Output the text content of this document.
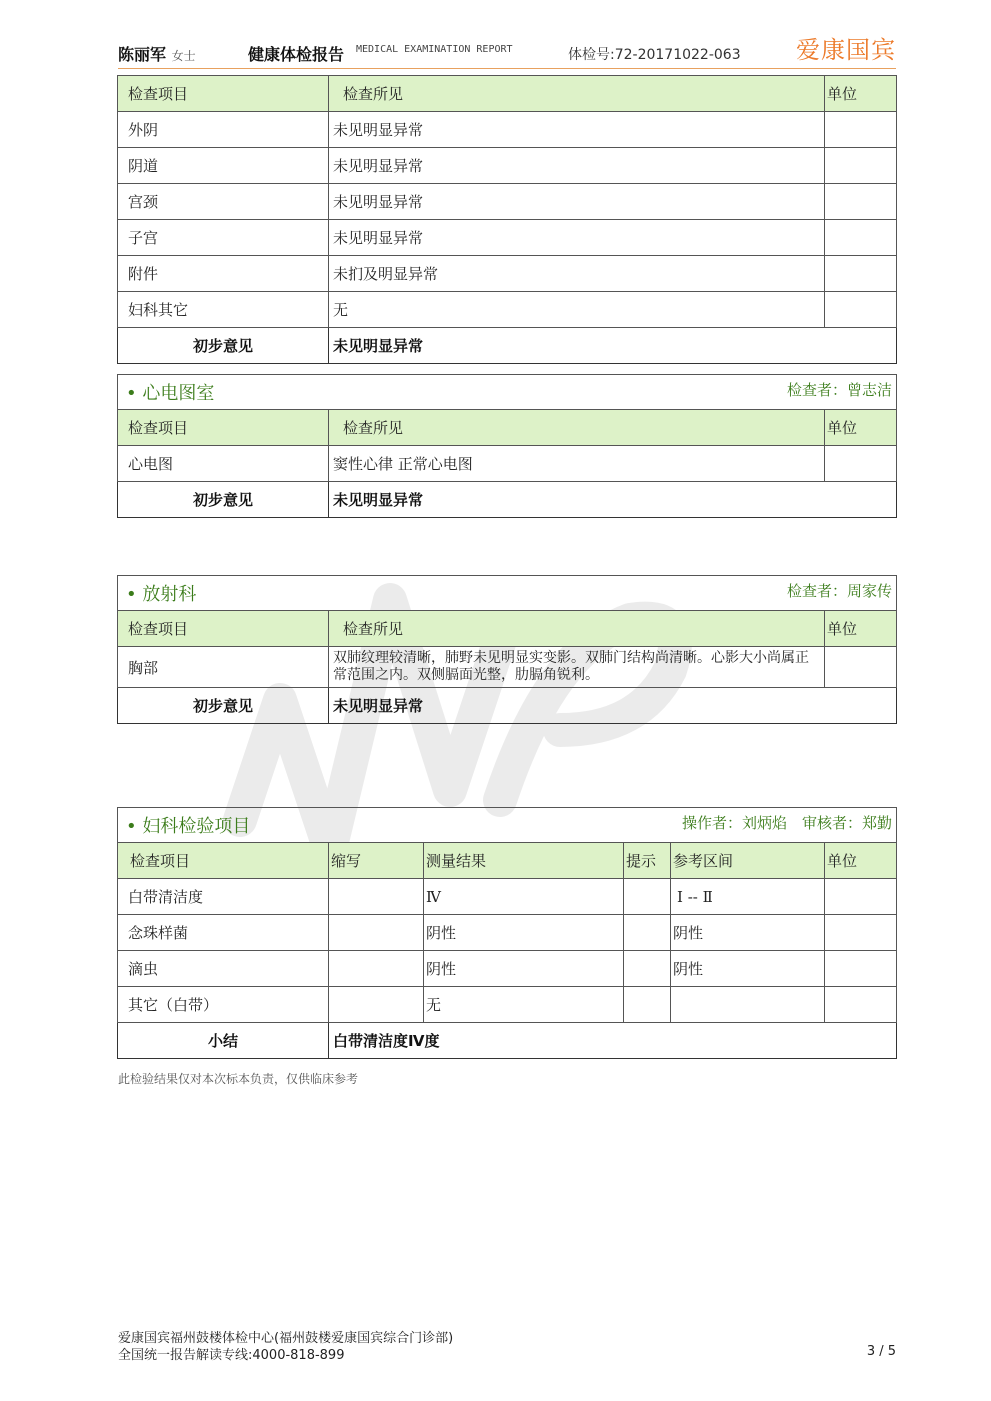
陈丽军 女士	健康体检报告 MEDICAL EXAMINATION REPORT	体检号:72-20171022-063 爱康国宾
检查项目	检查所见	单位
外阴	未见明显异常	
阴道	未见明显异常	
宫颈	未见明显异常	
子宫	未见明显异常	
附件	未扪及明显异常	
妇科其它	无	
初步意见	未见明显异常	
• 心电图室 检查者：曾志洁		

检查项目	检查所见	单位
心电图	窦性心律 正常心电图	
初步意见	未见明显异常	
• 放射科 检查者：周家传		

检查项目	检查所见	单位
胸部	双肺纹理较清晰，肺野未见明显实变影。双肺门结构尚清晰。心影大小尚属正常范围之内。双侧膈面光整，肋膈角锐利。	
初步意见	未见明显异常	
• 妇科检验项目 操作者：刘炳焰　审核者：郑勤					

检查项目	缩写	测量结果	提示	参考区间	单位
白带清洁度		Ⅳ		Ⅰ -- Ⅱ	
念珠样菌		阴性		阴性	
滴虫		阴性		阴性	
其它（白带）		无			
小结	白带清洁度Ⅳ度				
此检验结果仅对本次标本负责，仅供临床参考
爱康国宾福州鼓楼体检中心(福州鼓楼爱康国宾综合门诊部)
全国统一报告解读专线:4000-818-899	3 / 5
